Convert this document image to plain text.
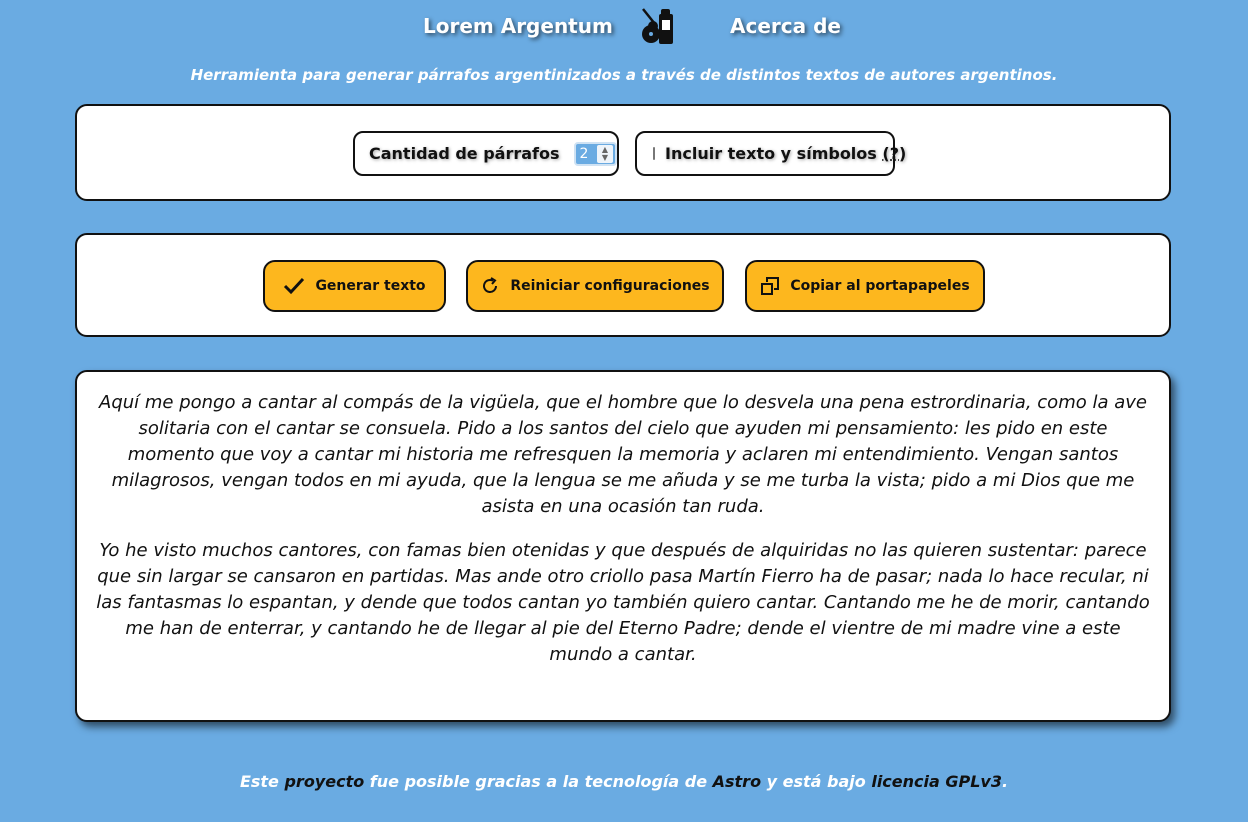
Lorem Argentum	Acerca de
Herramienta para generar párrafos argentinizados a través de distintos textos de autores argentinos.
Cantidad de párrafos 2	▲
▼	Incluir texto y símbolos (?)
Generar texto	Reiniciar configuraciones	Copiar al portapapeles

Aquí me pongo a cantar al compás de la vigüela, que el hombre que lo desvela una pena estrordinaria, como la ave solitaria con el cantar se consuela. Pido a los santos del cielo que ayuden mi pensamiento: les pido en este momento que voy a cantar mi historia me refresquen la memoria y aclaren mi entendimiento. Vengan santos milagrosos, vengan todos en mi ayuda, que la lengua se me añuda y se me turba la vista; pido a mi Dios que me asista en una ocasión tan ruda.

Yo he visto muchos cantores, con famas bien otenidas y que después de alquiridas no las quieren sustentar: parece que sin largar se cansaron en partidas. Mas ande otro criollo pasa Martín Fierro ha de pasar; nada lo hace recular, ni las fantasmas lo espantan, y dende que todos cantan yo también quiero cantar. Cantando me he de morir, cantando me han de enterrar, y cantando he de llegar al pie del Eterno Padre; dende el vientre de mi madre vine a este mundo a cantar.

Este proyecto fue posible gracias a la tecnología de Astro y está bajo licencia GPLv3.
